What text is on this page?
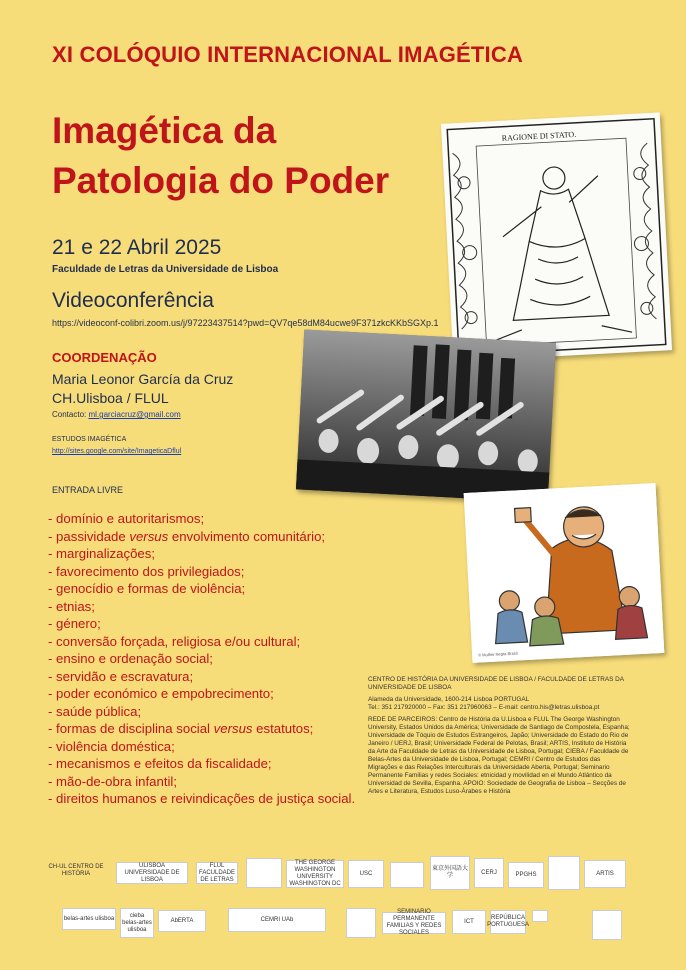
XI COLÓQUIO INTERNACIONAL IMAGÉTICA
Imagética da
Patologia do Poder
21 e 22 Abril 2025
Faculdade de Letras da Universidade de Lisboa
Videoconferência
https://videoconf-colibri.zoom.us/j/97223437514?pwd=QV7qe58dM84ucwe9F371zkcKKbSGXp.1
COORDENAÇÃO
Maria Leonor García da Cruz
CH.Ulisboa / FLUL
Contacto: ml.garciacruz@gmail.com
ESTUDOS IMAGÉTICA
http://sites.google.com/site/ImageticaDflul
ENTRADA LIVRE
- domínio e autoritarismos;
- passividade versus envolvimento comunitário;
- marginalizações;
- favorecimento dos privilegiados;
- genocídio e formas de violência;
- etnias;
- género;
- conversão forçada, religiosa e/ou cultural;
- ensino e ordenação social;
- servidão e escravatura;
- poder económico e empobrecimento;
- saúde pública;
- formas de disciplina social versus estatutos;
- violência doméstica;
- mecanismos e efeitos da fiscalidade;
- mão-de-obra infantil;
- direitos humanos e reivindicações de justiça social.

CENTRO DE HISTÓRIA DA UNIVERSIDADE DE LISBOA / FACULDADE DE LETRAS DA UNIVERSIDADE DE LISBOA

Alameda da Universidade, 1600-214 Lisboa PORTUGAL

Tel.: 351 217920000 – Fax: 351 217960063 – E-mail: centro.his@letras.ulisboa.pt

REDE DE PARCEIROS: Centro de História da U.Lisboa e FLUL The George Washington University, Estados Unidos da América; Universidade de Santiago de Compostela, Espanha; Universidade de Tóquio de Estudos Estrangeiros, Japão; Universidade do Estado do Rio de Janeiro / UERJ, Brasil; Universidade Federal de Pelotas, Brasil; ARTIS, Instituto de História da Arte da Faculdade de Letras da Universidade de Lisboa, Portugal; CIEBA / Faculdade de Belas-Artes da Universidade de Lisboa, Portugal; CEMRI / Centro de Estudos das Migrações e das Relações Interculturais da Universidade Aberta, Portugal; Seminario Permanente Familias y redes Sociales: etnicidad y movilidad en el Mundo Atlántico da Universidad de Sevilla, Espanha. APOIO: Sociedade de Geografia de Lisboa – Secções de Artes e Literatura, Estudos Luso-Árabes e História

RAGIONE DI STATO.
© Mulher Negra Brasil
CH-UL CENTRO DE HISTÓRIA
ULISBOA UNIVERSIDADE DE LISBOA
FLUL FACULDADE DE LETRAS
THE GEORGE WASHINGTON UNIVERSITY WASHINGTON DC
USC
東京外国語大学
CERJ	PPGHS	ARTIS
belas-artes ulisboa	cieba belas-artes ulisboa
AbERTA	CEMRI UAb
SEMINARIO PERMANENTE FAMILIAS Y REDES SOCIALES
ICT
REPÚBLICA PORTUGUESA
